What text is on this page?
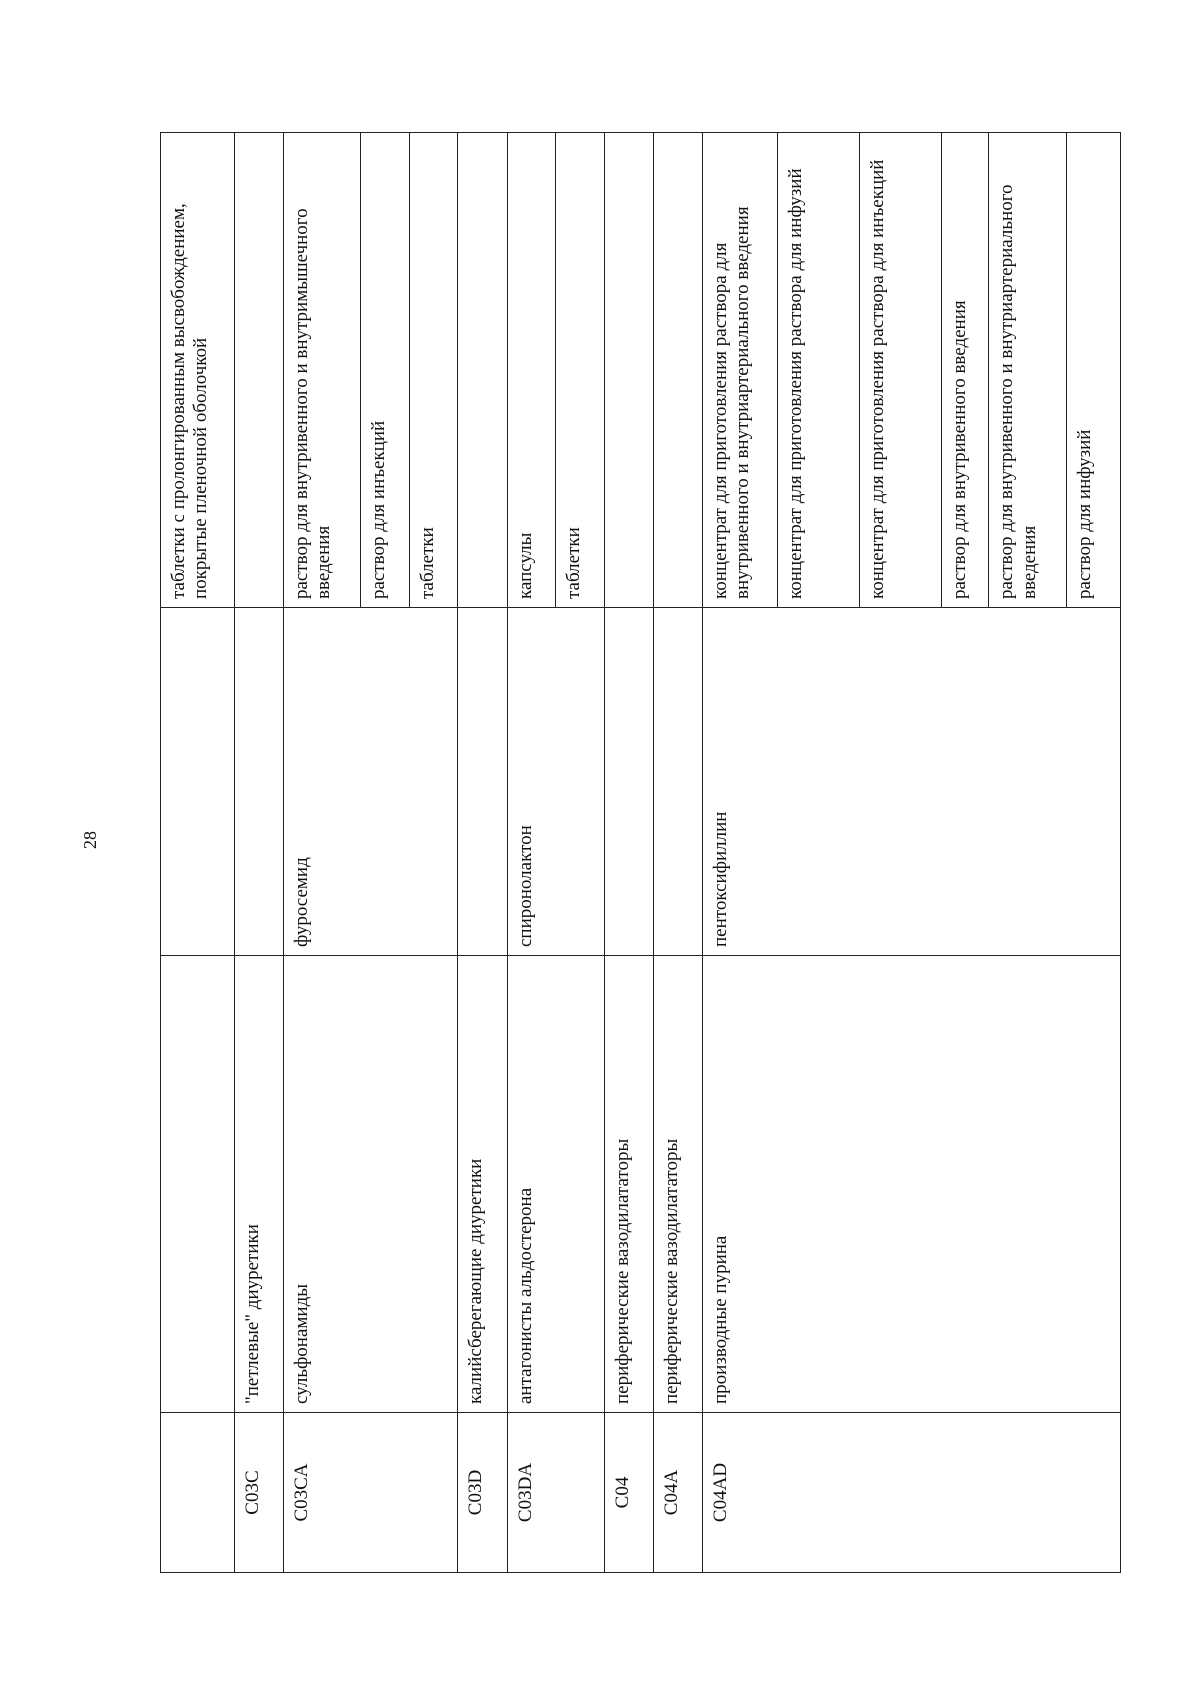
28
			таблетки с пролонгированным высвобождением, покрытые пленочной оболочкой
C03C	"петлевые" диуретики		
C03CA	сульфонамиды	фуросемид	раствор для внутривенного и внутримышечного введения
			раствор для инъекций
			таблетки
C03D	калийсберегающие диуретики		
C03DA	антагонисты альдостерона	спиронолактон	капсулы
			таблетки
C04	периферические вазодилататоры		
C04A	периферические вазодилататоры		
C04AD	производные пурина	пентоксифиллин	концентрат для приготовления раствора для внутривенного и внутриартериального введения
			концентрат для приготовления раствора для инфузий
			концентрат для приготовления раствора для инъекций
			раствор для внутривенного введения
			раствор для внутривенного и внутриартериального введения
			раствор для инфузий
